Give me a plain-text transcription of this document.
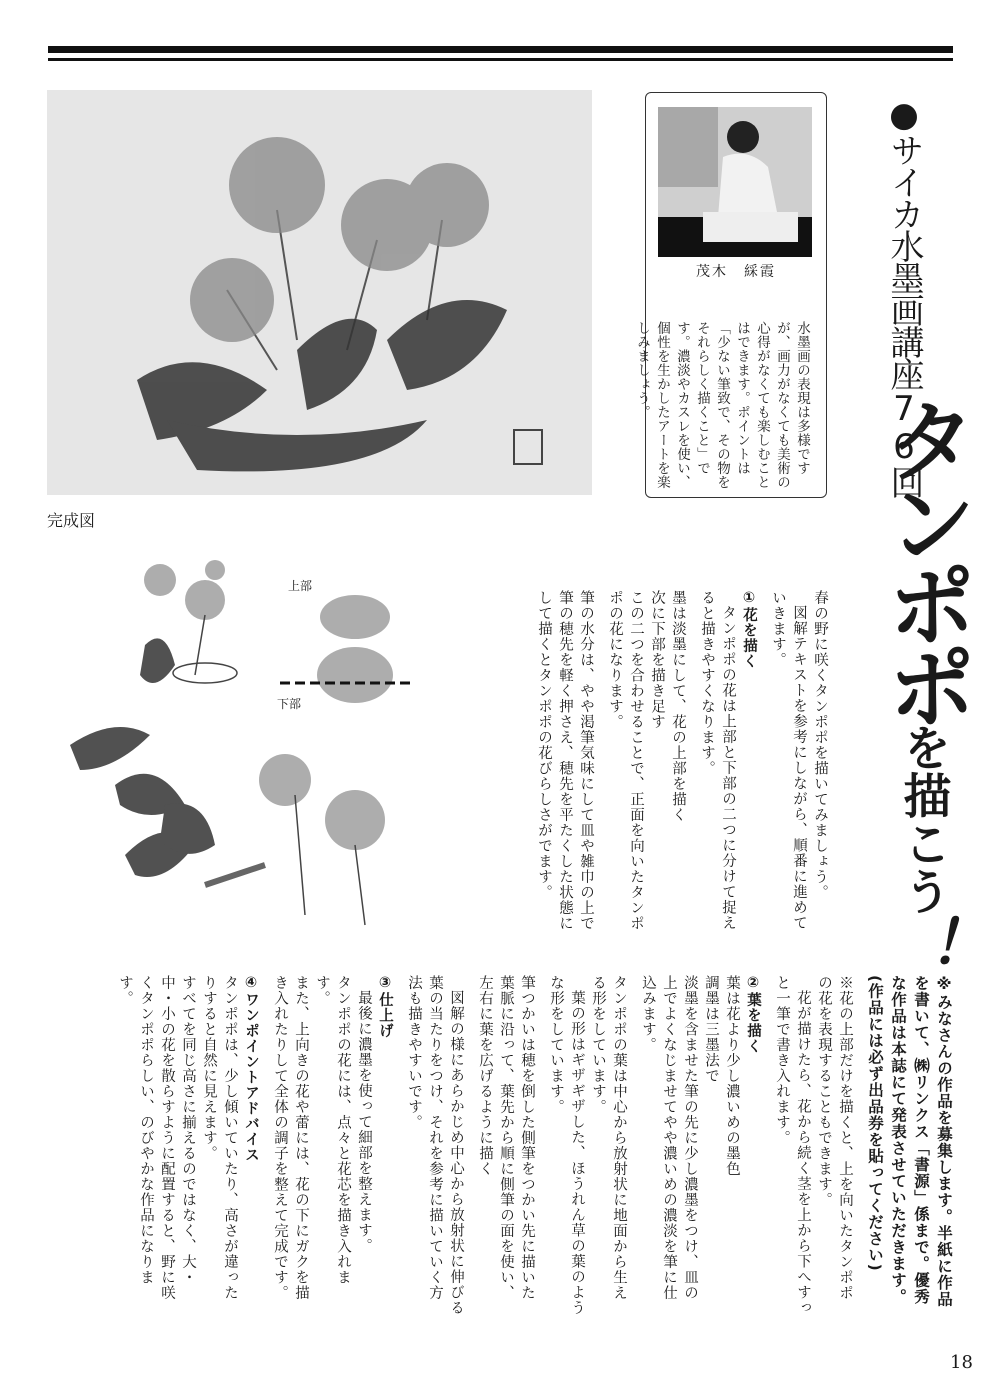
●サイカ水墨画講座76回
タンポポを描こう！
完成図
茂木　綵霞

水墨画の表現は多様ですが、画力がなくても美術の心得がなくても楽しむことはできます。ポイントは「少ない筆致で、その物をそれらしく描くこと」です。濃淡やカスレを使い、個性を生かしたアートを楽しみましょう。

上部
下部	春の野に咲くタンポポを描いてみましょう。

図解テキストを参考にしながら、順番に進めていきます。

①花を描く

タンポポの花は上部と下部の二つに分けて捉えると描きやすくなります。

墨は淡墨にして、花の上部を描く

次に下部を描き足す

この二つを合わせることで、正面を向いたタンポポの花になります。

筆の水分は、やや渇筆気味にして皿や雑巾の上で筆の穂先を軽く押さえ、穂先を平たくした状態にして描くとタンポポの花びらしさがでます。

※みなさんの作品を募集します。半紙に作品を書いて、㈱リンクス「書源」係まで。優秀な作品は本誌にて発表させていただきます。(作品には必ず出品券を貼ってください)

※花の上部だけを描くと、上を向いたタンポポの花を表現することもできます。

花が描けたら、花から続く茎を上から下へすっと一筆で書き入れます。

②葉を描く

葉は花より少し濃いめの墨色

調墨は三墨法で

淡墨を含ませた筆の先に少し濃墨をつけ、皿の上でよくなじませてやや濃いめの濃淡を筆に仕込みます。

タンポポの葉は中心から放射状に地面から生える形をしています。

葉の形はギザギザした、ほうれん草の葉のような形をしています。

筆つかいは穂を倒した側筆をつかい先に描いた葉脈に沿って、葉先から順に側筆の面を使い、左右に葉を広げるように描く

図解の様にあらかじめ中心から放射状に伸びる葉の当たりをつけ、それを参考に描いていく方法も描きやすいです。

③仕上げ

最後に濃墨を使って細部を整えます。

タンポポの花には、点々と花芯を描き入れます。

また、上向きの花や蕾には、花の下にガクを描き入れたりして全体の調子を整えて完成です。

④ワンポイントアドバイス

タンポポは、少し傾いていたり、高さが違ったりすると自然に見えます。

すべてを同じ高さに揃えるのではなく、大・中・小の花を散らすように配置すると、野に咲くタンポポらしい、のびやかな作品になります。

18
